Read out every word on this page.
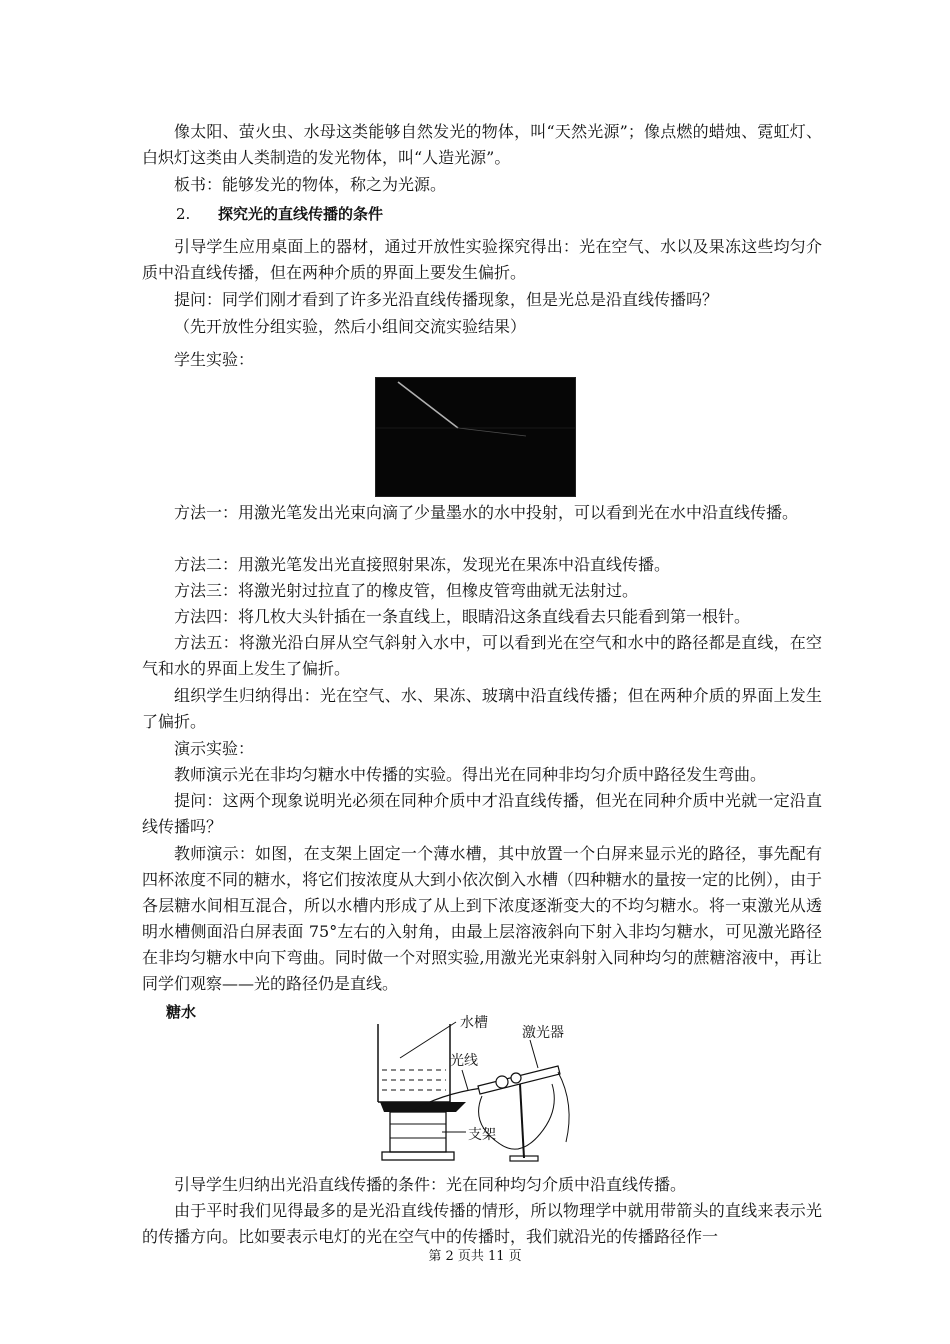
像太阳、萤火虫、水母这类能够自然发光的物体，叫“天然光源”；像点燃的蜡烛、霓虹灯、白炽灯这类由人类制造的发光物体，叫“人造光源”。

板书：能够发光的物体，称之为光源。

2. 探究光的直线传播的条件

引导学生应用桌面上的器材，通过开放性实验探究得出：光在空气、水以及果冻这些均匀介质中沿直线传播，但在两种介质的界面上要发生偏折。

提问：同学们刚才看到了许多光沿直线传播现象，但是光总是沿直线传播吗？

（先开放性分组实验，然后小组间交流实验结果）

学生实验：

方法一：用激光笔发出光束向滴了少量墨水的水中投射，可以看到光在水中沿直线传播。

方法二：用激光笔发出光直接照射果冻，发现光在果冻中沿直线传播。

方法三：将激光射过拉直了的橡皮管，但橡皮管弯曲就无法射过。

方法四：将几枚大头针插在一条直线上，眼睛沿这条直线看去只能看到第一根针。

方法五：将激光沿白屏从空气斜射入水中，可以看到光在空气和水中的路径都是直线，在空气和水的界面上发生了偏折。

组织学生归纳得出：光在空气、水、果冻、玻璃中沿直线传播；但在两种介质的界面上发生了偏折。

演示实验：

教师演示光在非均匀糖水中传播的实验。得出光在同种非均匀介质中路径发生弯曲。

提问：这两个现象说明光必须在同种介质中才沿直线传播，但光在同种介质中光就一定沿直线传播吗？

教师演示：如图，在支架上固定一个薄水槽，其中放置一个白屏来显示光的路径，事先配有四杯浓度不同的糖水，将它们按浓度从大到小依次倒入水槽（四种糖水的量按一定的比例），由于各层糖水间相互混合，所以水槽内形成了从上到下浓度逐渐变大的不均匀糖水。将一束激光从透明水槽侧面沿白屏表面 75°左右的入射角，由最上层溶液斜向下射入非均匀糖水，可见激光路径在非均匀糖水中向下弯曲。同时做一个对照实验,用激光光束斜射入同种均匀的蔗糖溶液中，再让同学们观察——光的路径仍是直线。

糖水
水槽
激光器
光线
支架

引导学生归纳出光沿直线传播的条件：光在同种均匀介质中沿直线传播。

由于平时我们见得最多的是光沿直线传播的情形，所以物理学中就用带箭头的直线来表示光的传播方向。比如要表示电灯的光在空气中的传播时，我们就沿光的传播路径作一

第 2 页共 11 页
